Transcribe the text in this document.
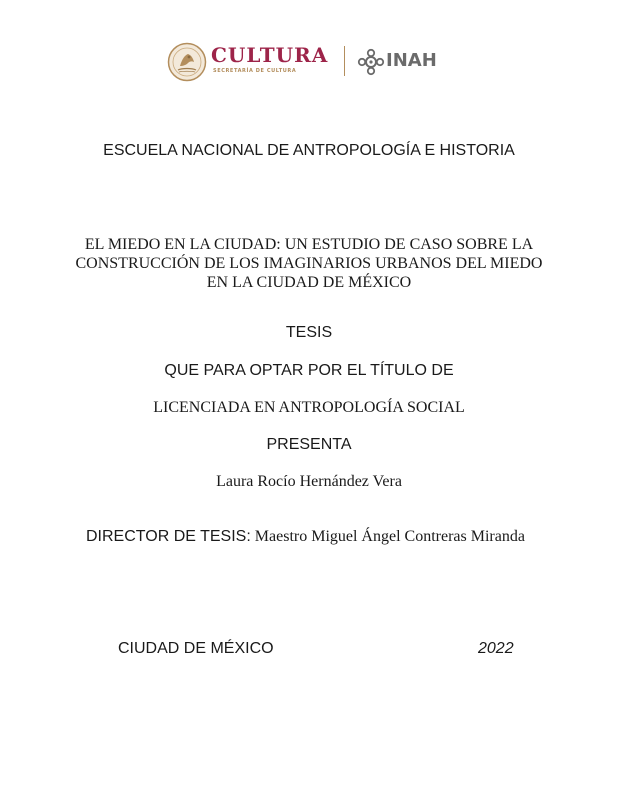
CULTURA
SECRETARÍA DE CULTURA	INAH
ESCUELA NACIONAL DE ANTROPOLOGÍA E HISTORIA
EL MIEDO EN LA CIUDAD: UN ESTUDIO DE CASO SOBRE LA
CONSTRUCCIÓN DE LOS IMAGINARIOS URBANOS DEL MIEDO
EN LA CIUDAD DE MÉXICO
TESIS
QUE PARA OPTAR POR EL TÍTULO DE
LICENCIADA EN ANTROPOLOGÍA SOCIAL
PRESENTA
Laura Rocío Hernández Vera
DIRECTOR DE TESIS: Maestro Miguel Ángel Contreras Miranda
CIUDAD DE MÉXICO	2022
